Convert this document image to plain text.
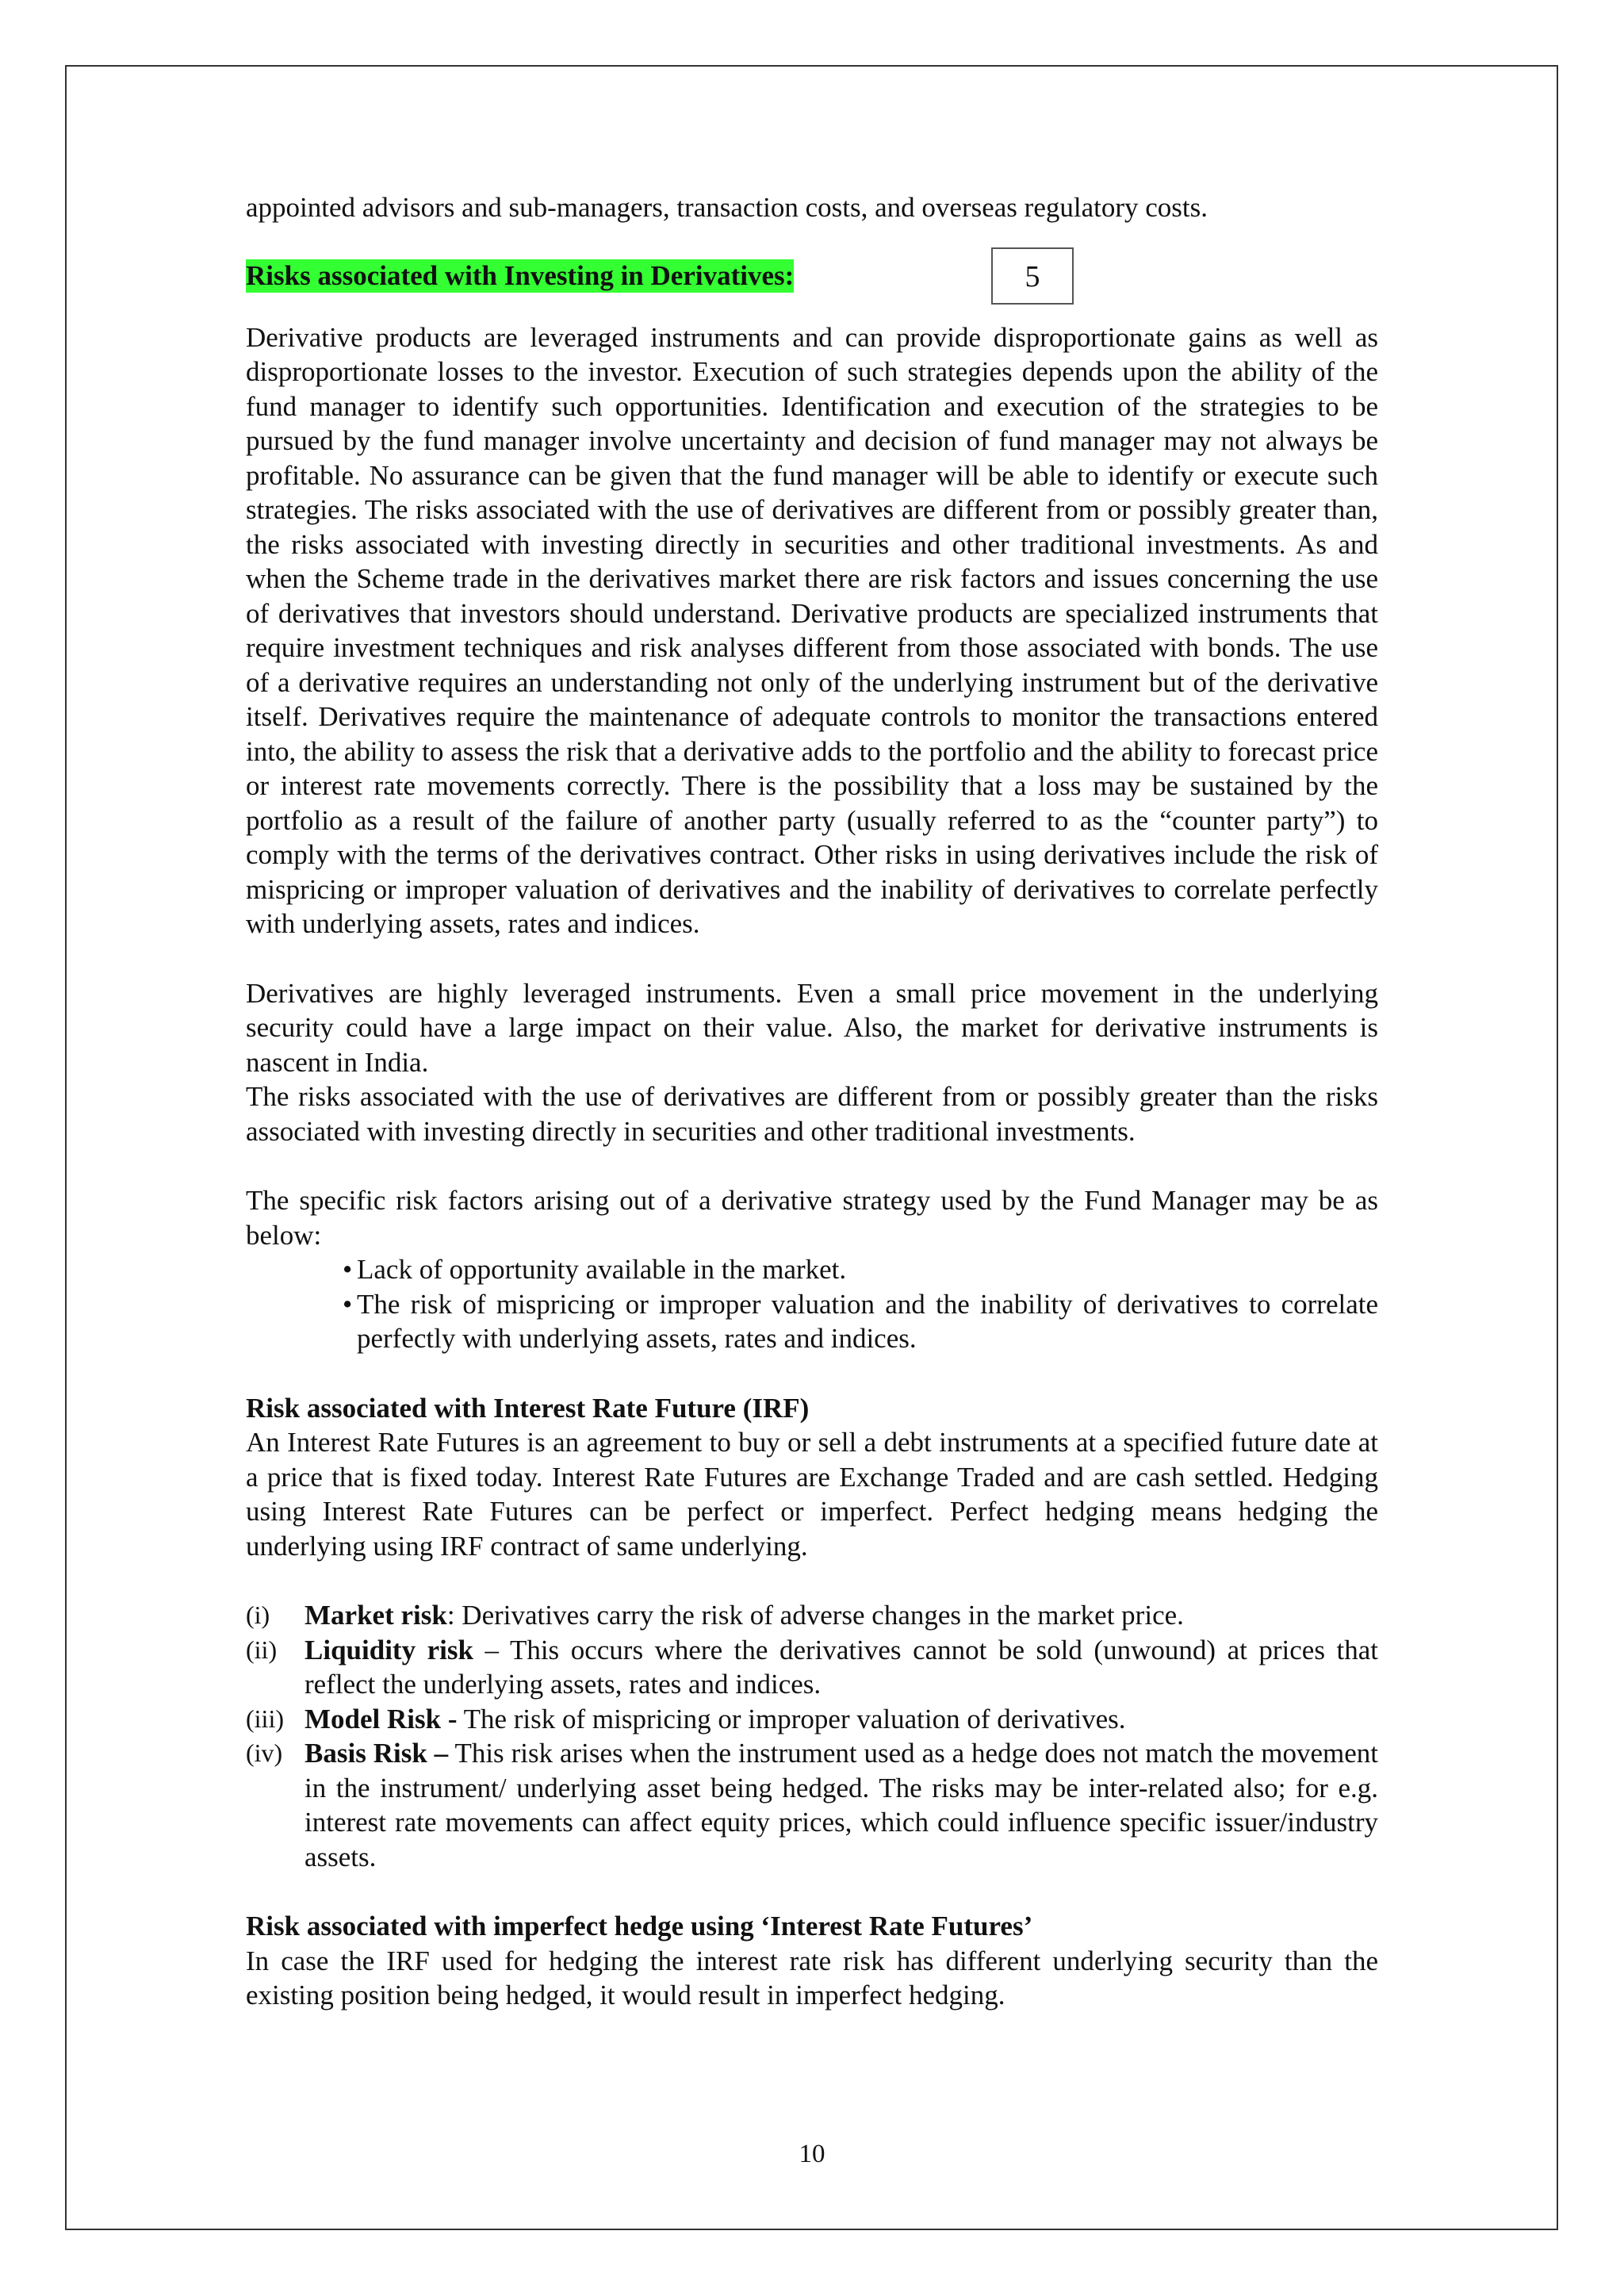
appointed advisors and sub-managers, transaction costs, and overseas regulatory costs.

Risks associated with Investing in Derivatives:	5

Derivative products are leveraged instruments and can provide disproportionate gains as well as disproportionate losses to the investor. Execution of such strategies depends upon the ability of the fund manager to identify such opportunities. Identification and execution of the strategies to be pursued by the fund manager involve uncertainty and decision of fund manager may not always be profitable. No assurance can be given that the fund manager will be able to identify or execute such strategies. The risks associated with the use of derivatives are different from or possibly greater than, the risks associated with investing directly in securities and other traditional investments. As and when the Scheme trade in the derivatives market there are risk factors and issues concerning the use of derivatives that investors should understand. Derivative products are specialized instruments that require investment techniques and risk analyses different from those associated with bonds. The use of a derivative requires an understanding not only of the underlying instrument but of the derivative itself. Derivatives require the maintenance of adequate controls to monitor the transactions entered into, the ability to assess the risk that a derivative adds to the portfolio and the ability to forecast price or interest rate movements correctly. There is the possibility that a loss may be sustained by the portfolio as a result of the failure of another party (usually referred to as the “counter party”) to comply with the terms of the derivatives contract. Other risks in using derivatives include the risk of mispricing or improper valuation of derivatives and the inability of derivatives to correlate perfectly with underlying assets, rates and indices.

Derivatives are highly leveraged instruments. Even a small price movement in the underlying security could have a large impact on their value. Also, the market for derivative instruments is nascent in India.

The risks associated with the use of derivatives are different from or possibly greater than the risks associated with investing directly in securities and other traditional investments.

The specific risk factors arising out of a derivative strategy used by the Fund Manager may be as below:

• Lack of opportunity available in the market.
• The risk of mispricing or improper valuation and the inability of derivatives to correlate perfectly with underlying assets, rates and indices.

Risk associated with Interest Rate Future (IRF)

An Interest Rate Futures is an agreement to buy or sell a debt instruments at a specified future date at a price that is fixed today. Interest Rate Futures are Exchange Traded and are cash settled. Hedging using Interest Rate Futures can be perfect or imperfect. Perfect hedging means hedging the underlying using IRF contract of same underlying.

(i) Market risk: Derivatives carry the risk of adverse changes in the market price.
(ii) Liquidity risk – This occurs where the derivatives cannot be sold (unwound) at prices that reflect the underlying assets, rates and indices.
(iii) Model Risk - The risk of mispricing or improper valuation of derivatives.
(iv) Basis Risk – This risk arises when the instrument used as a hedge does not match the movement in the instrument/ underlying asset being hedged. The risks may be inter-related also; for e.g. interest rate movements can affect equity prices, which could influence specific issuer/industry assets.

Risk associated with imperfect hedge using ‘Interest Rate Futures’

In case the IRF used for hedging the interest rate risk has different underlying security than the existing position being hedged, it would result in imperfect hedging.

10
